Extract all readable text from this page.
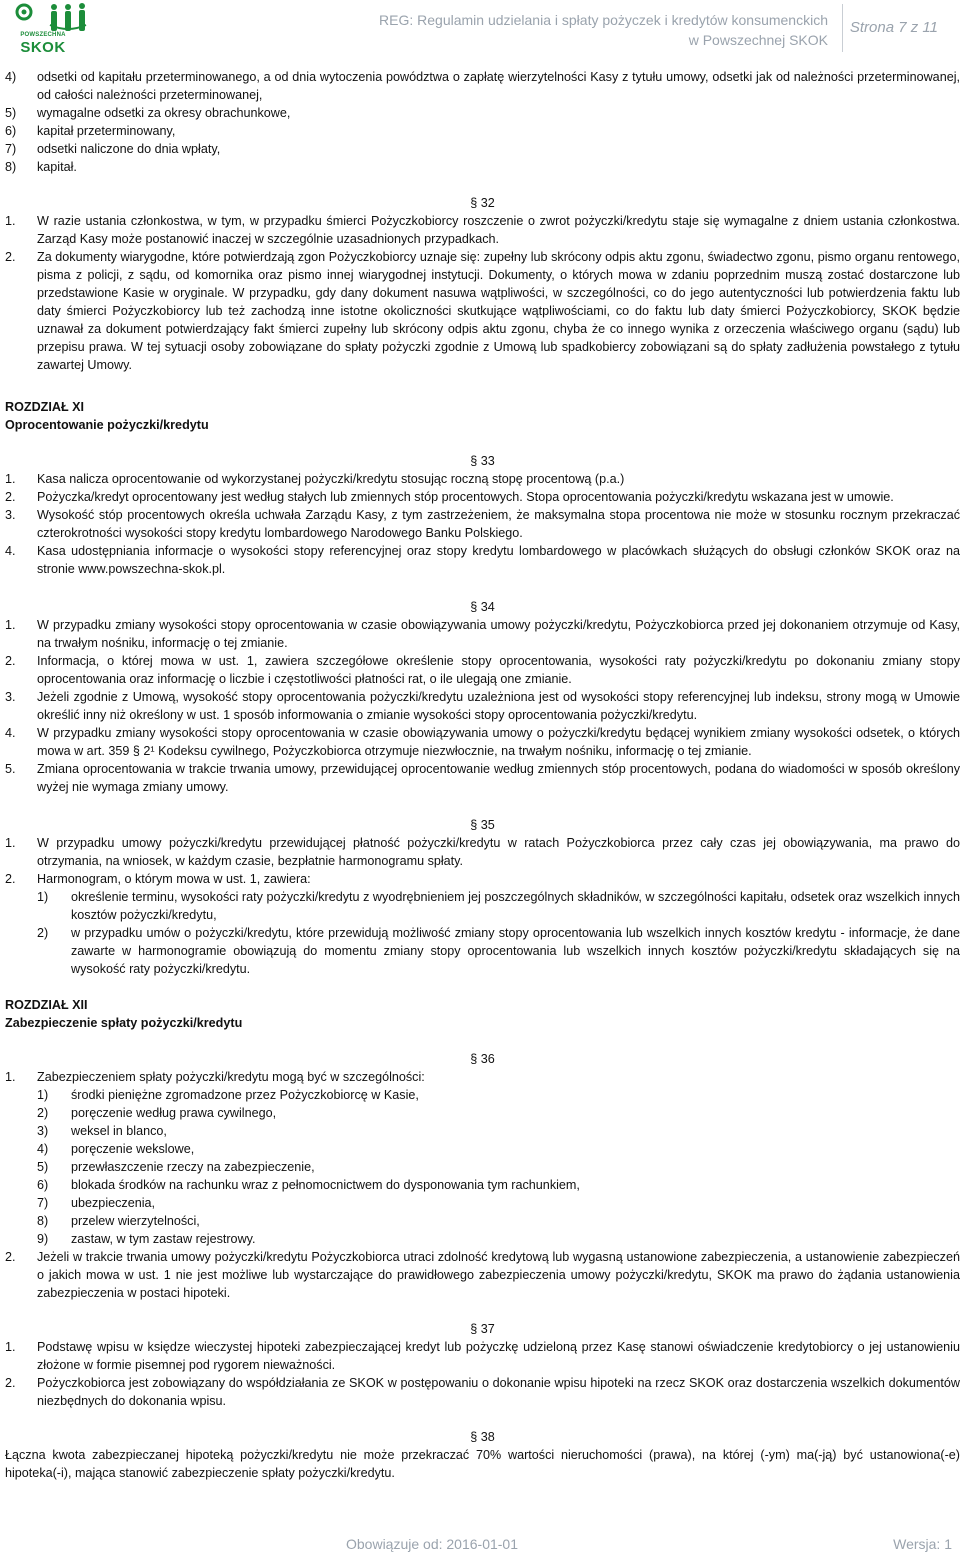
POWSZECHNA
SKOK
REG: Regulamin udzielania i spłaty pożyczek i kredytów konsumenckich
w Powszechnej SKOK
Strona 7 z 11
4) odsetki od kapitału przeterminowanego, a od dnia wytoczenia powództwa o zapłatę wierzytelności Kasy z tytułu umowy, odsetki jak od należności przeterminowanej, od całości należności przeterminowanej,
5) wymagalne odsetki za okresy obrachunkowe,
6) kapitał przeterminowany,
7) odsetki naliczone do dnia wpłaty,
8) kapitał.
§ 32
1. W razie ustania członkostwa, w tym, w przypadku śmierci Pożyczkobiorcy roszczenie o zwrot pożyczki/kredytu staje się wymagalne z dniem ustania członkostwa. Zarząd Kasy może postanowić inaczej w szczególnie uzasadnionych przypadkach.
2. Za dokumenty wiarygodne, które potwierdzają zgon Pożyczkobiorcy uznaje się: zupełny lub skrócony odpis aktu zgonu, świadectwo zgonu, pismo organu rentowego, pisma z policji, z sądu, od komornika oraz pismo innej wiarygodnej instytucji. Dokumenty, o których mowa w zdaniu poprzednim muszą zostać dostarczone lub przedstawione Kasie w oryginale. W przypadku, gdy dany dokument nasuwa wątpliwości, w szczególności, co do jego autentyczności lub potwierdzenia faktu lub daty śmierci Pożyczkobiorcy lub też zachodzą inne istotne okoliczności skutkujące wątpliwościami, co do faktu lub daty śmierci Pożyczkobiorcy, SKOK będzie uznawał za dokument potwierdzający fakt śmierci zupełny lub skrócony odpis aktu zgonu, chyba że co innego wynika z orzeczenia właściwego organu (sądu) lub przepisu prawa. W tej sytuacji osoby zobowiązane do spłaty pożyczki zgodnie z Umową lub spadkobiercy zobowiązani są do spłaty zadłużenia powstałego z tytułu zawartej Umowy.
ROZDZIAŁ XI
Oprocentowanie pożyczki/kredytu
§ 33
1. Kasa nalicza oprocentowanie od wykorzystanej pożyczki/kredytu stosując roczną stopę procentową (p.a.)
2. Pożyczka/kredyt oprocentowany jest według stałych lub zmiennych stóp procentowych. Stopa oprocentowania pożyczki/kredytu wskazana jest w umowie.
3. Wysokość stóp procentowych określa uchwała Zarządu Kasy, z tym zastrzeżeniem, że maksymalna stopa procentowa nie może w stosunku rocznym przekraczać czterokrotności wysokości stopy kredytu lombardowego Narodowego Banku Polskiego.
4. Kasa udostępniania informacje o wysokości stopy referencyjnej oraz stopy kredytu lombardowego w placówkach służących do obsługi członków SKOK oraz na stronie www.powszechna-skok.pl.
§ 34
1. W przypadku zmiany wysokości stopy oprocentowania w czasie obowiązywania umowy pożyczki/kredytu, Pożyczkobiorca przed jej dokonaniem otrzymuje od Kasy, na trwałym nośniku, informację o tej zmianie.
2. Informacja, o której mowa w ust. 1, zawiera szczegółowe określenie stopy oprocentowania, wysokości raty pożyczki/kredytu po dokonaniu zmiany stopy oprocentowania oraz informację o liczbie i częstotliwości płatności rat, o ile ulegają one zmianie.
3. Jeżeli zgodnie z Umową, wysokość stopy oprocentowania pożyczki/kredytu uzależniona jest od wysokości stopy referencyjnej lub indeksu, strony mogą w Umowie określić inny niż określony w ust. 1 sposób informowania o zmianie wysokości stopy oprocentowania pożyczki/kredytu.
4. W przypadku zmiany wysokości stopy oprocentowania w czasie obowiązywania umowy o pożyczki/kredytu będącej wynikiem zmiany wysokości odsetek, o których mowa w art. 359 § 2¹ Kodeksu cywilnego, Pożyczkobiorca otrzymuje niezwłocznie, na trwałym nośniku, informację o tej zmianie.
5. Zmiana oprocentowania w trakcie trwania umowy, przewidującej oprocentowanie według zmiennych stóp procentowych, podana do wiadomości w sposób określony wyżej nie wymaga zmiany umowy.
§ 35
1. W przypadku umowy pożyczki/kredytu przewidującej płatność pożyczki/kredytu w ratach Pożyczkobiorca przez cały czas jej obowiązywania, ma prawo do otrzymania, na wniosek, w każdym czasie, bezpłatnie harmonogramu spłaty.
2. Harmonogram, o którym mowa w ust. 1, zawiera:
1) określenie terminu, wysokości raty pożyczki/kredytu z wyodrębnieniem jej poszczególnych składników, w szczególności kapitału, odsetek oraz wszelkich innych kosztów pożyczki/kredytu,
2) w przypadku umów o pożyczki/kredytu, które przewidują możliwość zmiany stopy oprocentowania lub wszelkich innych kosztów kredytu - informacje, że dane zawarte w harmonogramie obowiązują do momentu zmiany stopy oprocentowania lub wszelkich innych kosztów pożyczki/kredytu składających się na wysokość raty pożyczki/kredytu.
ROZDZIAŁ XII
Zabezpieczenie spłaty pożyczki/kredytu
§ 36
1. Zabezpieczeniem spłaty pożyczki/kredytu mogą być w szczególności:
1) środki pieniężne zgromadzone przez Pożyczkobiorcę w Kasie,
2) poręczenie według prawa cywilnego,
3) weksel in blanco,
4) poręczenie wekslowe,
5) przewłaszczenie rzeczy na zabezpieczenie,
6) blokada środków na rachunku wraz z pełnomocnictwem do dysponowania tym rachunkiem,
7) ubezpieczenia,
8) przelew wierzytelności,
9) zastaw, w tym zastaw rejestrowy.
2. Jeżeli w trakcie trwania umowy pożyczki/kredytu Pożyczkobiorca utraci zdolność kredytową lub wygasną ustanowione zabezpieczenia, a ustanowienie zabezpieczeń o jakich mowa w ust. 1 nie jest możliwe lub wystarczające do prawidłowego zabezpieczenia umowy pożyczki/kredytu, SKOK ma prawo do żądania ustanowienia zabezpieczenia w postaci hipoteki.
§ 37
1. Podstawę wpisu w księdze wieczystej hipoteki zabezpieczającej kredyt lub pożyczkę udzieloną przez Kasę stanowi oświadczenie kredytobiorcy o jej ustanowieniu złożone w formie pisemnej pod rygorem nieważności.
2. Pożyczkobiorca jest zobowiązany do współdziałania ze SKOK w postępowaniu o dokonanie wpisu hipoteki na rzecz SKOK oraz dostarczenia wszelkich dokumentów niezbędnych do dokonania wpisu.
§ 38
Łączna kwota zabezpieczanej hipoteką pożyczki/kredytu nie może przekraczać 70% wartości nieruchomości (prawa), na której (-ym) ma(-ją) być ustanowiona(-e) hipoteka(-i), mająca stanowić zabezpieczenie spłaty pożyczki/kredytu.
Obowiązuje od: 2016-01-01	Wersja: 1
